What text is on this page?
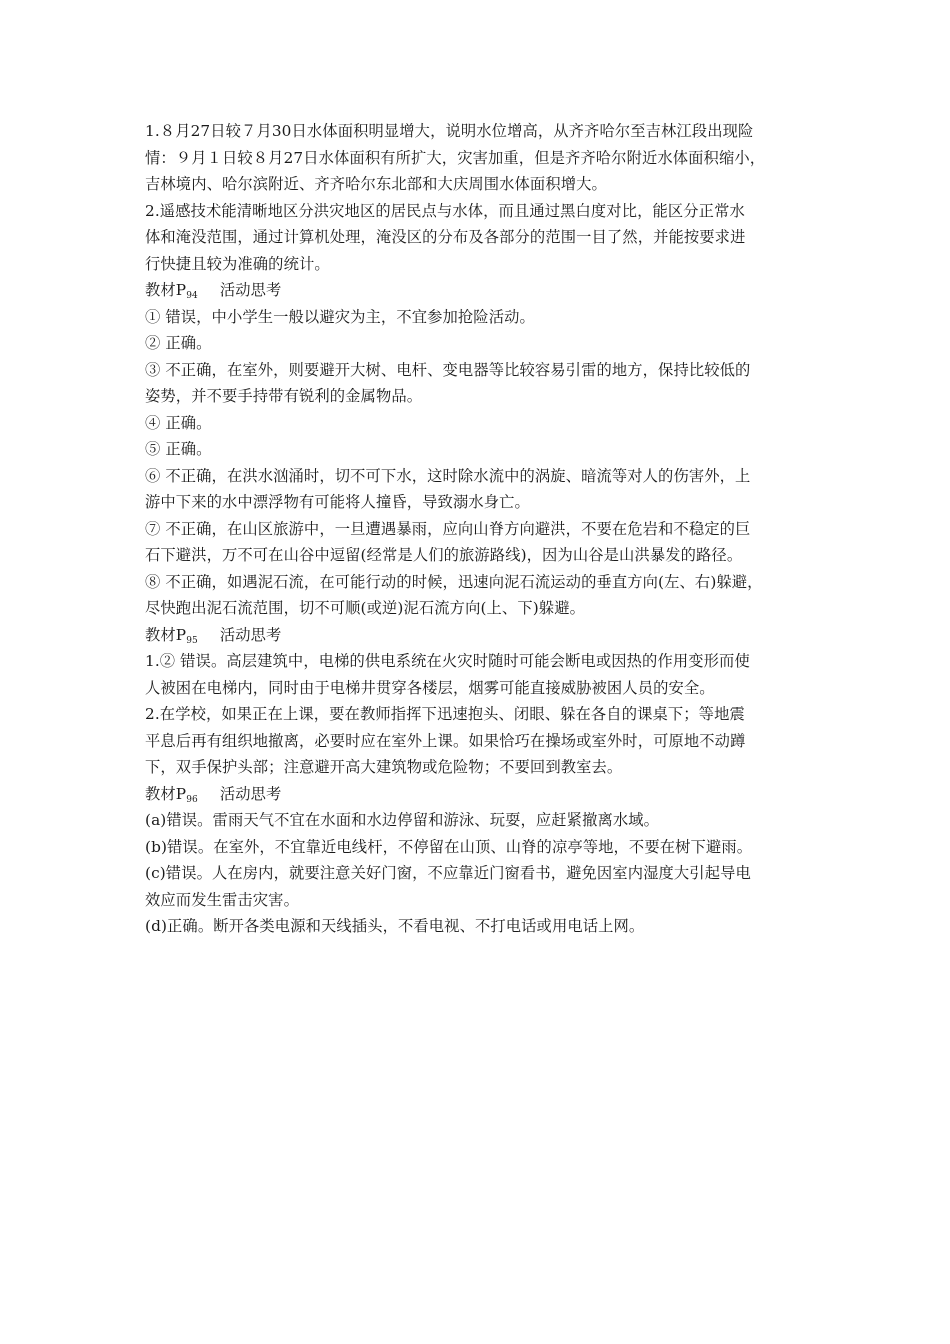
1.８月27日较７月30日水体面积明显增大，说明水位增高，从齐齐哈尔至吉林江段出现险
情：９月１日较８月27日水体面积有所扩大，灾害加重，但是齐齐哈尔附近水体面积缩小，
吉林境内、哈尔滨附近、齐齐哈尔东北部和大庆周围水体面积增大。
2.遥感技术能清晰地区分洪灾地区的居民点与水体，而且通过黑白度对比，能区分正常水
体和淹没范围，通过计算机处理，淹没区的分布及各部分的范围一目了然，并能按要求进
行快捷且较为准确的统计。
教材P94 活动思考
① 错误，中小学生一般以避灾为主，不宜参加抢险活动。
② 正确。
③ 不正确，在室外，则要避开大树、电杆、变电器等比较容易引雷的地方，保持比较低的
姿势，并不要手持带有锐利的金属物品。
④ 正确。
⑤ 正确。
⑥ 不正确，在洪水汹涌时，切不可下水，这时除水流中的涡旋、暗流等对人的伤害外，上
游中下来的水中漂浮物有可能将人撞昏，导致溺水身亡。
⑦ 不正确，在山区旅游中，一旦遭遇暴雨，应向山脊方向避洪，不要在危岩和不稳定的巨
石下避洪，万不可在山谷中逗留(经常是人们的旅游路线)，因为山谷是山洪暴发的路径。
⑧ 不正确，如遇泥石流，在可能行动的时候，迅速向泥石流运动的垂直方向(左、右)躲避，
尽快跑出泥石流范围，切不可顺(或逆)泥石流方向(上、下)躲避。
教材P95 活动思考
1.② 错误。高层建筑中，电梯的供电系统在火灾时随时可能会断电或因热的作用变形而使
人被困在电梯内，同时由于电梯井贯穿各楼层，烟雾可能直接威胁被困人员的安全。
2.在学校，如果正在上课，要在教师指挥下迅速抱头、闭眼、躲在各自的课桌下；等地震
平息后再有组织地撤离，必要时应在室外上课。如果恰巧在操场或室外时，可原地不动蹲
下，双手保护头部；注意避开高大建筑物或危险物；不要回到教室去。
教材P96 活动思考
(a)错误。雷雨天气不宜在水面和水边停留和游泳、玩耍，应赶紧撤离水域。
(b)错误。在室外，不宜靠近电线杆，不停留在山顶、山脊的凉亭等地，不要在树下避雨。
(c)错误。人在房内，就要注意关好门窗，不应靠近门窗看书，避免因室内湿度大引起导电
效应而发生雷击灾害。
(d)正确。断开各类电源和天线插头，不看电视、不打电话或用电话上网。
